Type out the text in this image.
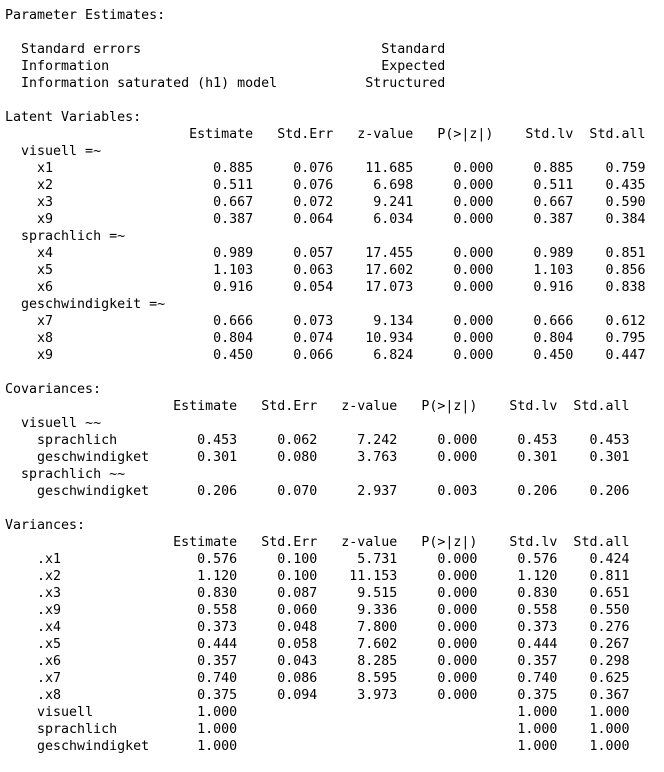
Parameter Estimates:
Standard errors                              Standard
Information                                  Expected
Information saturated (h1) model           Structured
Latent Variables:
Estimate   Std.Err   z-value   P(>|z|)    Std.lv  Std.all
visuell =~
x1                    0.885     0.076    11.685     0.000     0.885    0.759
x2                    0.511     0.076     6.698     0.000     0.511    0.435
x3                    0.667     0.072     9.241     0.000     0.667    0.590
x9                    0.387     0.064     6.034     0.000     0.387    0.384
sprachlich =~
x4                    0.989     0.057    17.455     0.000     0.989    0.851
x5                    1.103     0.063    17.602     0.000     1.103    0.856
x6                    0.916     0.054    17.073     0.000     0.916    0.838
geschwindigkeit =~
x7                    0.666     0.073     9.134     0.000     0.666    0.612
x8                    0.804     0.074    10.934     0.000     0.804    0.795
x9                    0.450     0.066     6.824     0.000     0.450    0.447
Covariances:
Estimate   Std.Err   z-value   P(>|z|)    Std.lv  Std.all
visuell ~~
sprachlich          0.453     0.062     7.242     0.000     0.453    0.453
geschwindigket      0.301     0.080     3.763     0.000     0.301    0.301
sprachlich ~~
geschwindigket      0.206     0.070     2.937     0.003     0.206    0.206
Variances:
Estimate   Std.Err   z-value   P(>|z|)    Std.lv  Std.all
.x1                 0.576     0.100     5.731     0.000     0.576    0.424
.x2                 1.120     0.100    11.153     0.000     1.120    0.811
.x3                 0.830     0.087     9.515     0.000     0.830    0.651
.x9                 0.558     0.060     9.336     0.000     0.558    0.550
.x4                 0.373     0.048     7.800     0.000     0.373    0.276
.x5                 0.444     0.058     7.602     0.000     0.444    0.267
.x6                 0.357     0.043     8.285     0.000     0.357    0.298
.x7                 0.740     0.086     8.595     0.000     0.740    0.625
.x8                 0.375     0.094     3.973     0.000     0.375    0.367
visuell             1.000	1.000    1.000
sprachlich          1.000	1.000    1.000
geschwindigket      1.000	1.000    1.000
